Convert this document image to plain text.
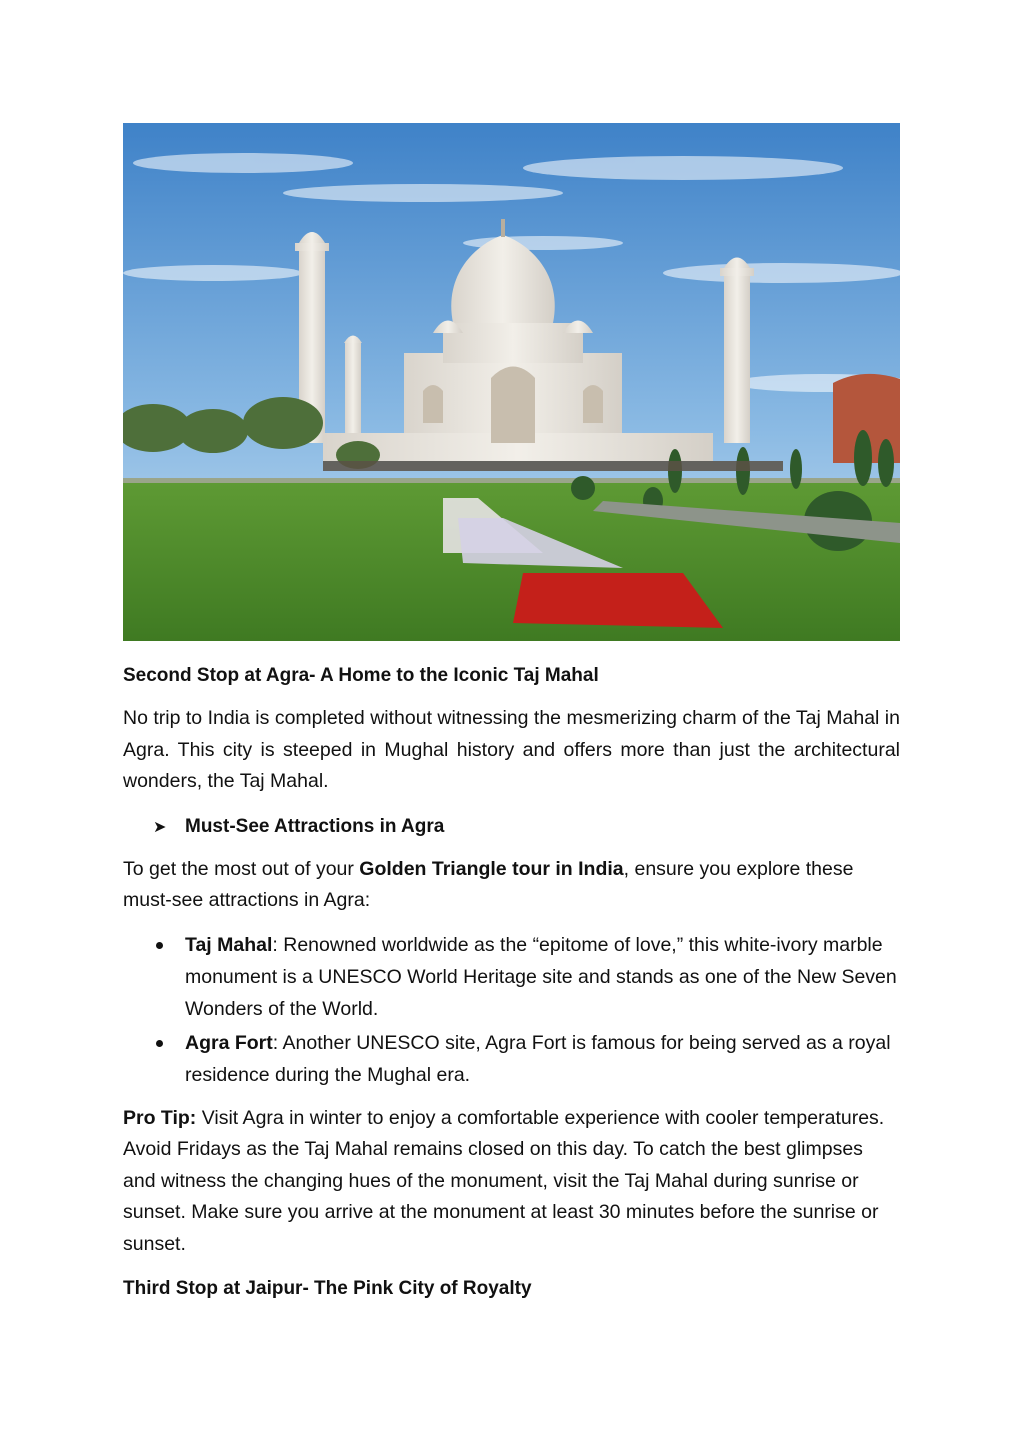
Second Stop at Agra- A Home to the Iconic Taj Mahal

No trip to India is completed without witnessing the mesmerizing charm of the Taj Mahal in Agra. This city is steeped in Mughal history and offers more than just the architectural wonders, the Taj Mahal.

➤ Must-See Attractions in Agra

To get the most out of your Golden Triangle tour in India, ensure you explore these must-see attractions in Agra:

Taj Mahal: Renowned worldwide as the “epitome of love,” this white-ivory marble monument is a UNESCO World Heritage site and stands as one of the New Seven Wonders of the World.
Agra Fort: Another UNESCO site, Agra Fort is famous for being served as a royal residence during the Mughal era.

Pro Tip: Visit Agra in winter to enjoy a comfortable experience with cooler temperatures. Avoid Fridays as the Taj Mahal remains closed on this day. To catch the best glimpses and witness the changing hues of the monument, visit the Taj Mahal during sunrise or sunset. Make sure you arrive at the monument at least 30 minutes before the sunrise or sunset.

Third Stop at Jaipur- The Pink City of Royalty
